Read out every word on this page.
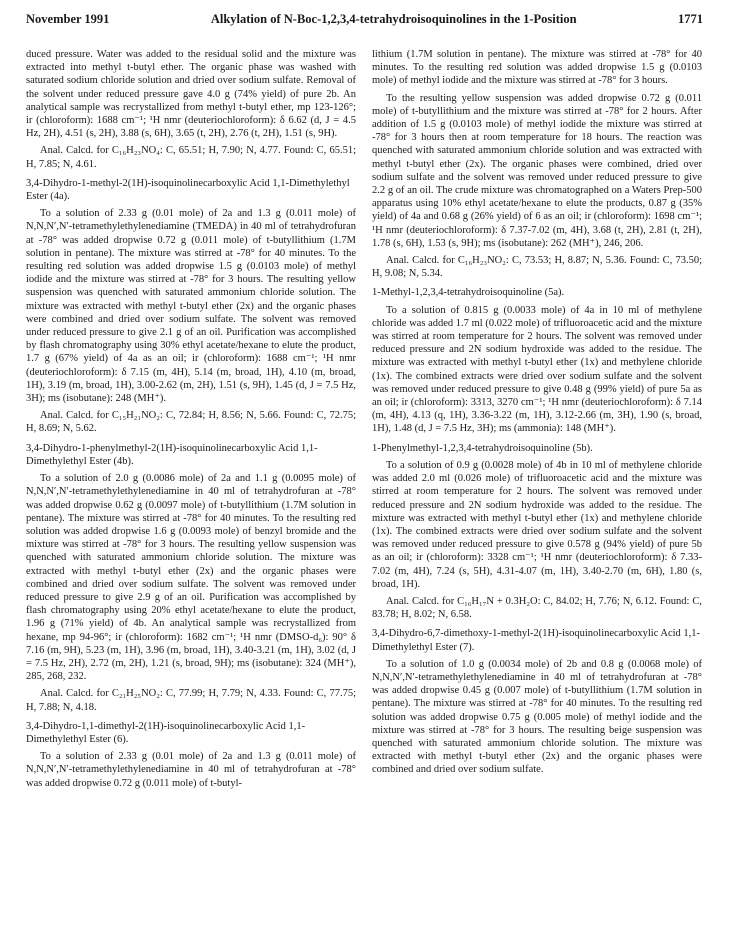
November 1991	Alkylation of N-Boc-1,2,3,4-tetrahydroisoquinolines in the 1-Position	1771

duced pressure. Water was added to the residual solid and the mixture was extracted into methyl t-butyl ether. The organic phase was washed with saturated sodium chloride solution and dried over sodium sulfate. Removal of the solvent under reduced pressure gave 4.0 g (74% yield) of pure 2b. An analytical sample was recrystallized from methyl t-butyl ether, mp 123-126°; ir (chloroform): 1688 cm⁻¹; ¹H nmr (deuteriochloroform): δ 6.62 (d, J = 4.5 Hz, 2H), 4.51 (s, 2H), 3.88 (s, 6H), 3.65 (t, 2H), 2.76 (t, 2H), 1.51 (s, 9H).

Anal. Calcd. for C₁₆H₂₃NO₄: C, 65.51; H, 7.90; N, 4.77. Found: C, 65.51; H, 7.85; N, 4.61.

3,4-Dihydro-1-methyl-2(1H)-isoquinolinecarboxylic Acid 1,1-Dimethylethyl Ester (4a).

To a solution of 2.33 g (0.01 mole) of 2a and 1.3 g (0.011 mole) of N,N,N′,N′-tetramethylethylenediamine (TMEDA) in 40 ml of tetrahydrofuran at -78° was added dropwise 0.72 g (0.011 mole) of t-butyllithium (1.7M solution in pentane). The mixture was stirred at -78° for 40 minutes. To the resulting red solution was added dropwise 1.5 g (0.0103 mole) of methyl iodide and the mixture was stirred at -78° for 3 hours. The resulting yellow suspension was quenched with saturated ammonium chloride solution. The mixture was extracted with methyl t-butyl ether (2x) and the organic phases were combined and dried over sodium sulfate. The solvent was removed under reduced pressure to give 2.1 g of an oil. Purification was accomplished by flash chromatography using 30% ethyl acetate/hexane to elute the product, 1.7 g (67% yield) of 4a as an oil; ir (chloroform): 1688 cm⁻¹; ¹H nmr (deuteriochloroform): δ 7.15 (m, 4H), 5.14 (m, broad, 1H), 4.10 (m, broad, 1H), 3.19 (m, broad, 1H), 3.00-2.62 (m, 2H), 1.51 (s, 9H), 1.45 (d, J = 7.5 Hz, 3H); ms (isobutane): 248 (MH⁺).

Anal. Calcd. for C₁₅H₂₁NO₂: C, 72.84; H, 8.56; N, 5.66. Found: C, 72.75; H, 8.69; N, 5.62.

3,4-Dihydro-1-phenylmethyl-2(1H)-isoquinolinecarboxylic Acid 1,1-Dimethylethyl Ester (4b).

To a solution of 2.0 g (0.0086 mole) of 2a and 1.1 g (0.0095 mole) of N,N,N′,N′-tetramethylethylenediamine in 40 ml of tetrahydrofuran at -78° was added dropwise 0.62 g (0.0097 mole) of t-butyllithium (1.7M solution in pentane). The mixture was stirred at -78° for 40 minutes. To the resulting red solution was added dropwise 1.6 g (0.0093 mole) of benzyl bromide and the mixture was stirred at -78° for 3 hours. The resulting yellow suspension was quenched with saturated ammonium chloride solution. The mixture was extracted with methyl t-butyl ether (2x) and the organic phases were combined and dried over sodium sulfate. The solvent was removed under reduced pressure to give 2.9 g of an oil. Purification was accomplished by flash chromatography using 20% ethyl acetate/hexane to elute the product, 1.96 g (71% yield) of 4b. An analytical sample was recrystallized from hexane, mp 94-96°; ir (chloroform): 1682 cm⁻¹; ¹H nmr (DMSO-d₆): 90° δ 7.16 (m, 9H), 5.23 (m, 1H), 3.96 (m, broad, 1H), 3.40-3.21 (m, 1H), 3.02 (d, J = 7.5 Hz, 2H), 2.72 (m, 2H), 1.21 (s, broad, 9H); ms (isobutane): 324 (MH⁺), 285, 268, 232.

Anal. Calcd. for C₂₁H₂₅NO₂: C, 77.99; H, 7.79; N, 4.33. Found: C, 77.75; H, 7.88; N, 4.18.

3,4-Dihydro-1,1-dimethyl-2(1H)-isoquinolinecarboxylic Acid 1,1-Dimethylethyl Ester (6).

To a solution of 2.33 g (0.01 mole) of 2a and 1.3 g (0.011 mole) of N,N,N′,N′-tetramethylethylenediamine in 40 ml of tetrahydrofuran at -78° was added dropwise 0.72 g (0.011 mole) of t-butyl-

lithium (1.7M solution in pentane). The mixture was stirred at -78° for 40 minutes. To the resulting red solution was added dropwise 1.5 g (0.0103 mole) of methyl iodide and the mixture was stirred at -78° for 3 hours.

To the resulting yellow suspension was added dropwise 0.72 g (0.011 mole) of t-butyllithium and the mixture was stirred at -78° for 2 hours. After addition of 1.5 g (0.0103 mole) of methyl iodide the mixture was stirred at -78° for 3 hours then at room temperature for 18 hours. The reaction was quenched with saturated ammonium chloride solution and was extracted with methyl t-butyl ether (2x). The organic phases were combined, dried over sodium sulfate and the solvent was removed under reduced pressure to give 2.2 g of an oil. The crude mixture was chromatographed on a Waters Prep-500 apparatus using 10% ethyl acetate/hexane to elute the products, 0.87 g (35% yield) of 4a and 0.68 g (26% yield) of 6 as an oil; ir (chloroform): 1698 cm⁻¹; ¹H nmr (deuteriochloroform): δ 7.37-7.02 (m, 4H), 3.68 (t, 2H), 2.81 (t, 2H), 1.78 (s, 6H), 1.53 (s, 9H); ms (isobutane): 262 (MH⁺), 246, 206.

Anal. Calcd. for C₁₆H₂₃NO₂: C, 73.53; H, 8.87; N, 5.36. Found: C, 73.50; H, 9.08; N, 5.34.

1-Methyl-1,2,3,4-tetrahydroisoquinoline (5a).

To a solution of 0.815 g (0.0033 mole) of 4a in 10 ml of methylene chloride was added 1.7 ml (0.022 mole) of trifluoroacetic acid and the mixture was stirred at room temperature for 2 hours. The solvent was removed under reduced pressure and 2N sodium hydroxide was added to the residue. The mixture was extracted with methyl t-butyl ether (1x) and methylene chloride (1x). The combined extracts were dried over sodium sulfate and the solvent was removed under reduced pressure to give 0.48 g (99% yield) of pure 5a as an oil; ir (chloroform): 3313, 3270 cm⁻¹; ¹H nmr (deuteriochloroform): δ 7.14 (m, 4H), 4.13 (q, 1H), 3.36-3.22 (m, 1H), 3.12-2.66 (m, 3H), 1.90 (s, broad, 1H), 1.48 (d, J = 7.5 Hz, 3H); ms (ammonia): 148 (MH⁺).

1-Phenylmethyl-1,2,3,4-tetrahydroisoquinoline (5b).

To a solution of 0.9 g (0.0028 mole) of 4b in 10 ml of methylene chloride was added 2.0 ml (0.026 mole) of trifluoroacetic acid and the mixture was stirred at room temperature for 2 hours. The solvent was removed under reduced pressure and 2N sodium hydroxide was added to the residue. The mixture was extracted with methyl t-butyl ether (1x) and methylene chloride (1x). The combined extracts were dried over sodium sulfate and the solvent was removed under reduced pressure to give 0.578 g (94% yield) of pure 5b as an oil; ir (chloroform): 3328 cm⁻¹; ¹H nmr (deuteriochloroform): δ 7.33-7.02 (m, 4H), 7.24 (s, 5H), 4.31-4.07 (m, 1H), 3.40-2.70 (m, 6H), 1.80 (s, broad, 1H).

Anal. Calcd. for C₁₆H₁₇N + 0.3H₂O: C, 84.02; H, 7.76; N, 6.12. Found: C, 83.78; H, 8.02; N, 6.58.

3,4-Dihydro-6,7-dimethoxy-1-methyl-2(1H)-isoquinolinecarboxylic Acid 1,1-Dimethylethyl Ester (7).

To a solution of 1.0 g (0.0034 mole) of 2b and 0.8 g (0.0068 mole) of N,N,N′,N′-tetramethylethylenediamine in 40 ml of tetrahydrofuran at -78° was added dropwise 0.45 g (0.007 mole) of t-butyllithium (1.7M solution in pentane). The mixture was stirred at -78° for 40 minutes. To the resulting red solution was added dropwise 0.75 g (0.005 mole) of methyl iodide and the mixture was stirred at -78° for 3 hours. The resulting beige suspension was quenched with saturated ammonium chloride solution. The mixture was extracted with methyl t-butyl ether (2x) and the organic phases were combined and dried over sodium sulfate.
